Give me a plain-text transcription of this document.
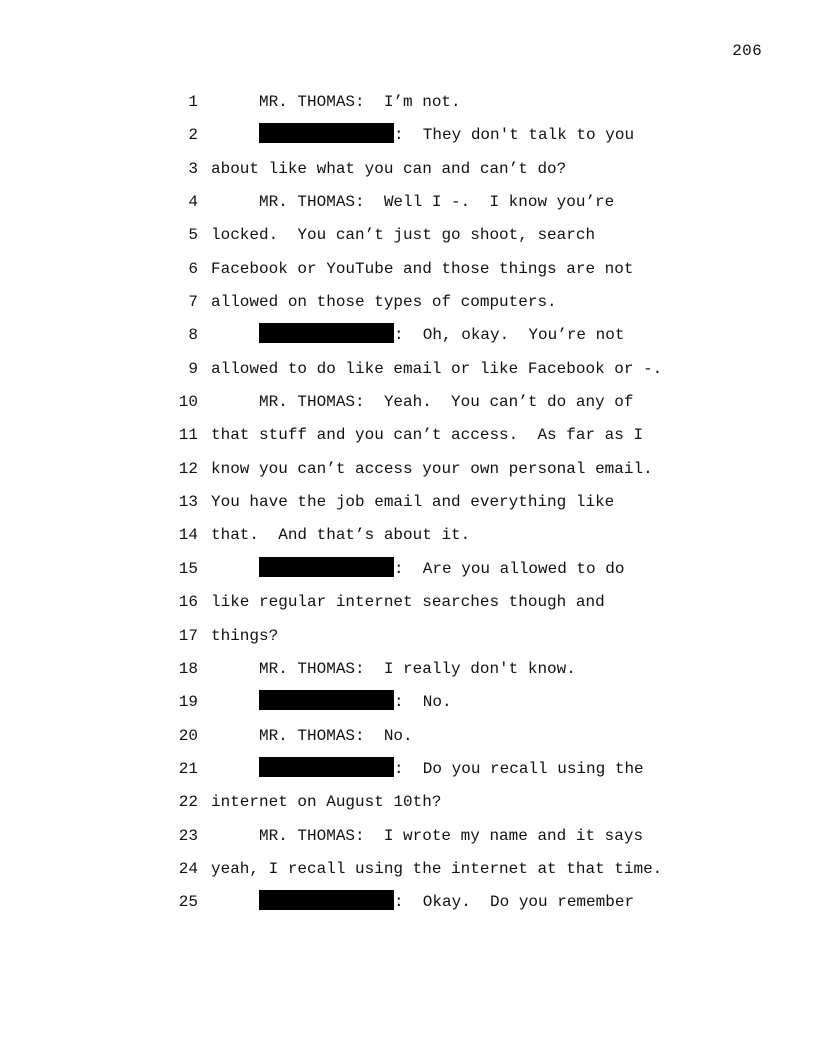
206
1	MR. THOMAS:  I’m not.
2	:  They don't talk to you
3 about like what you can and can’t do?
4	MR. THOMAS:  Well I -.  I know you’re
5 locked.  You can’t just go shoot, search
6 Facebook or YouTube and those things are not
7 allowed on those types of computers.
8	:  Oh, okay.  You’re not
9 allowed to do like email or like Facebook or -.
10	MR. THOMAS:  Yeah.  You can’t do any of
11 that stuff and you can’t access.  As far as I
12 know you can’t access your own personal email.
13 You have the job email and everything like
14 that.  And that’s about it.
15	:  Are you allowed to do
16 like regular internet searches though and
17 things?
18	MR. THOMAS:  I really don't know.
19	:  No.
20	MR. THOMAS:  No.
21	:  Do you recall using the
22 internet on August 10th?
23	MR. THOMAS:  I wrote my name and it says
24 yeah, I recall using the internet at that time.
25	:  Okay.  Do you remember
